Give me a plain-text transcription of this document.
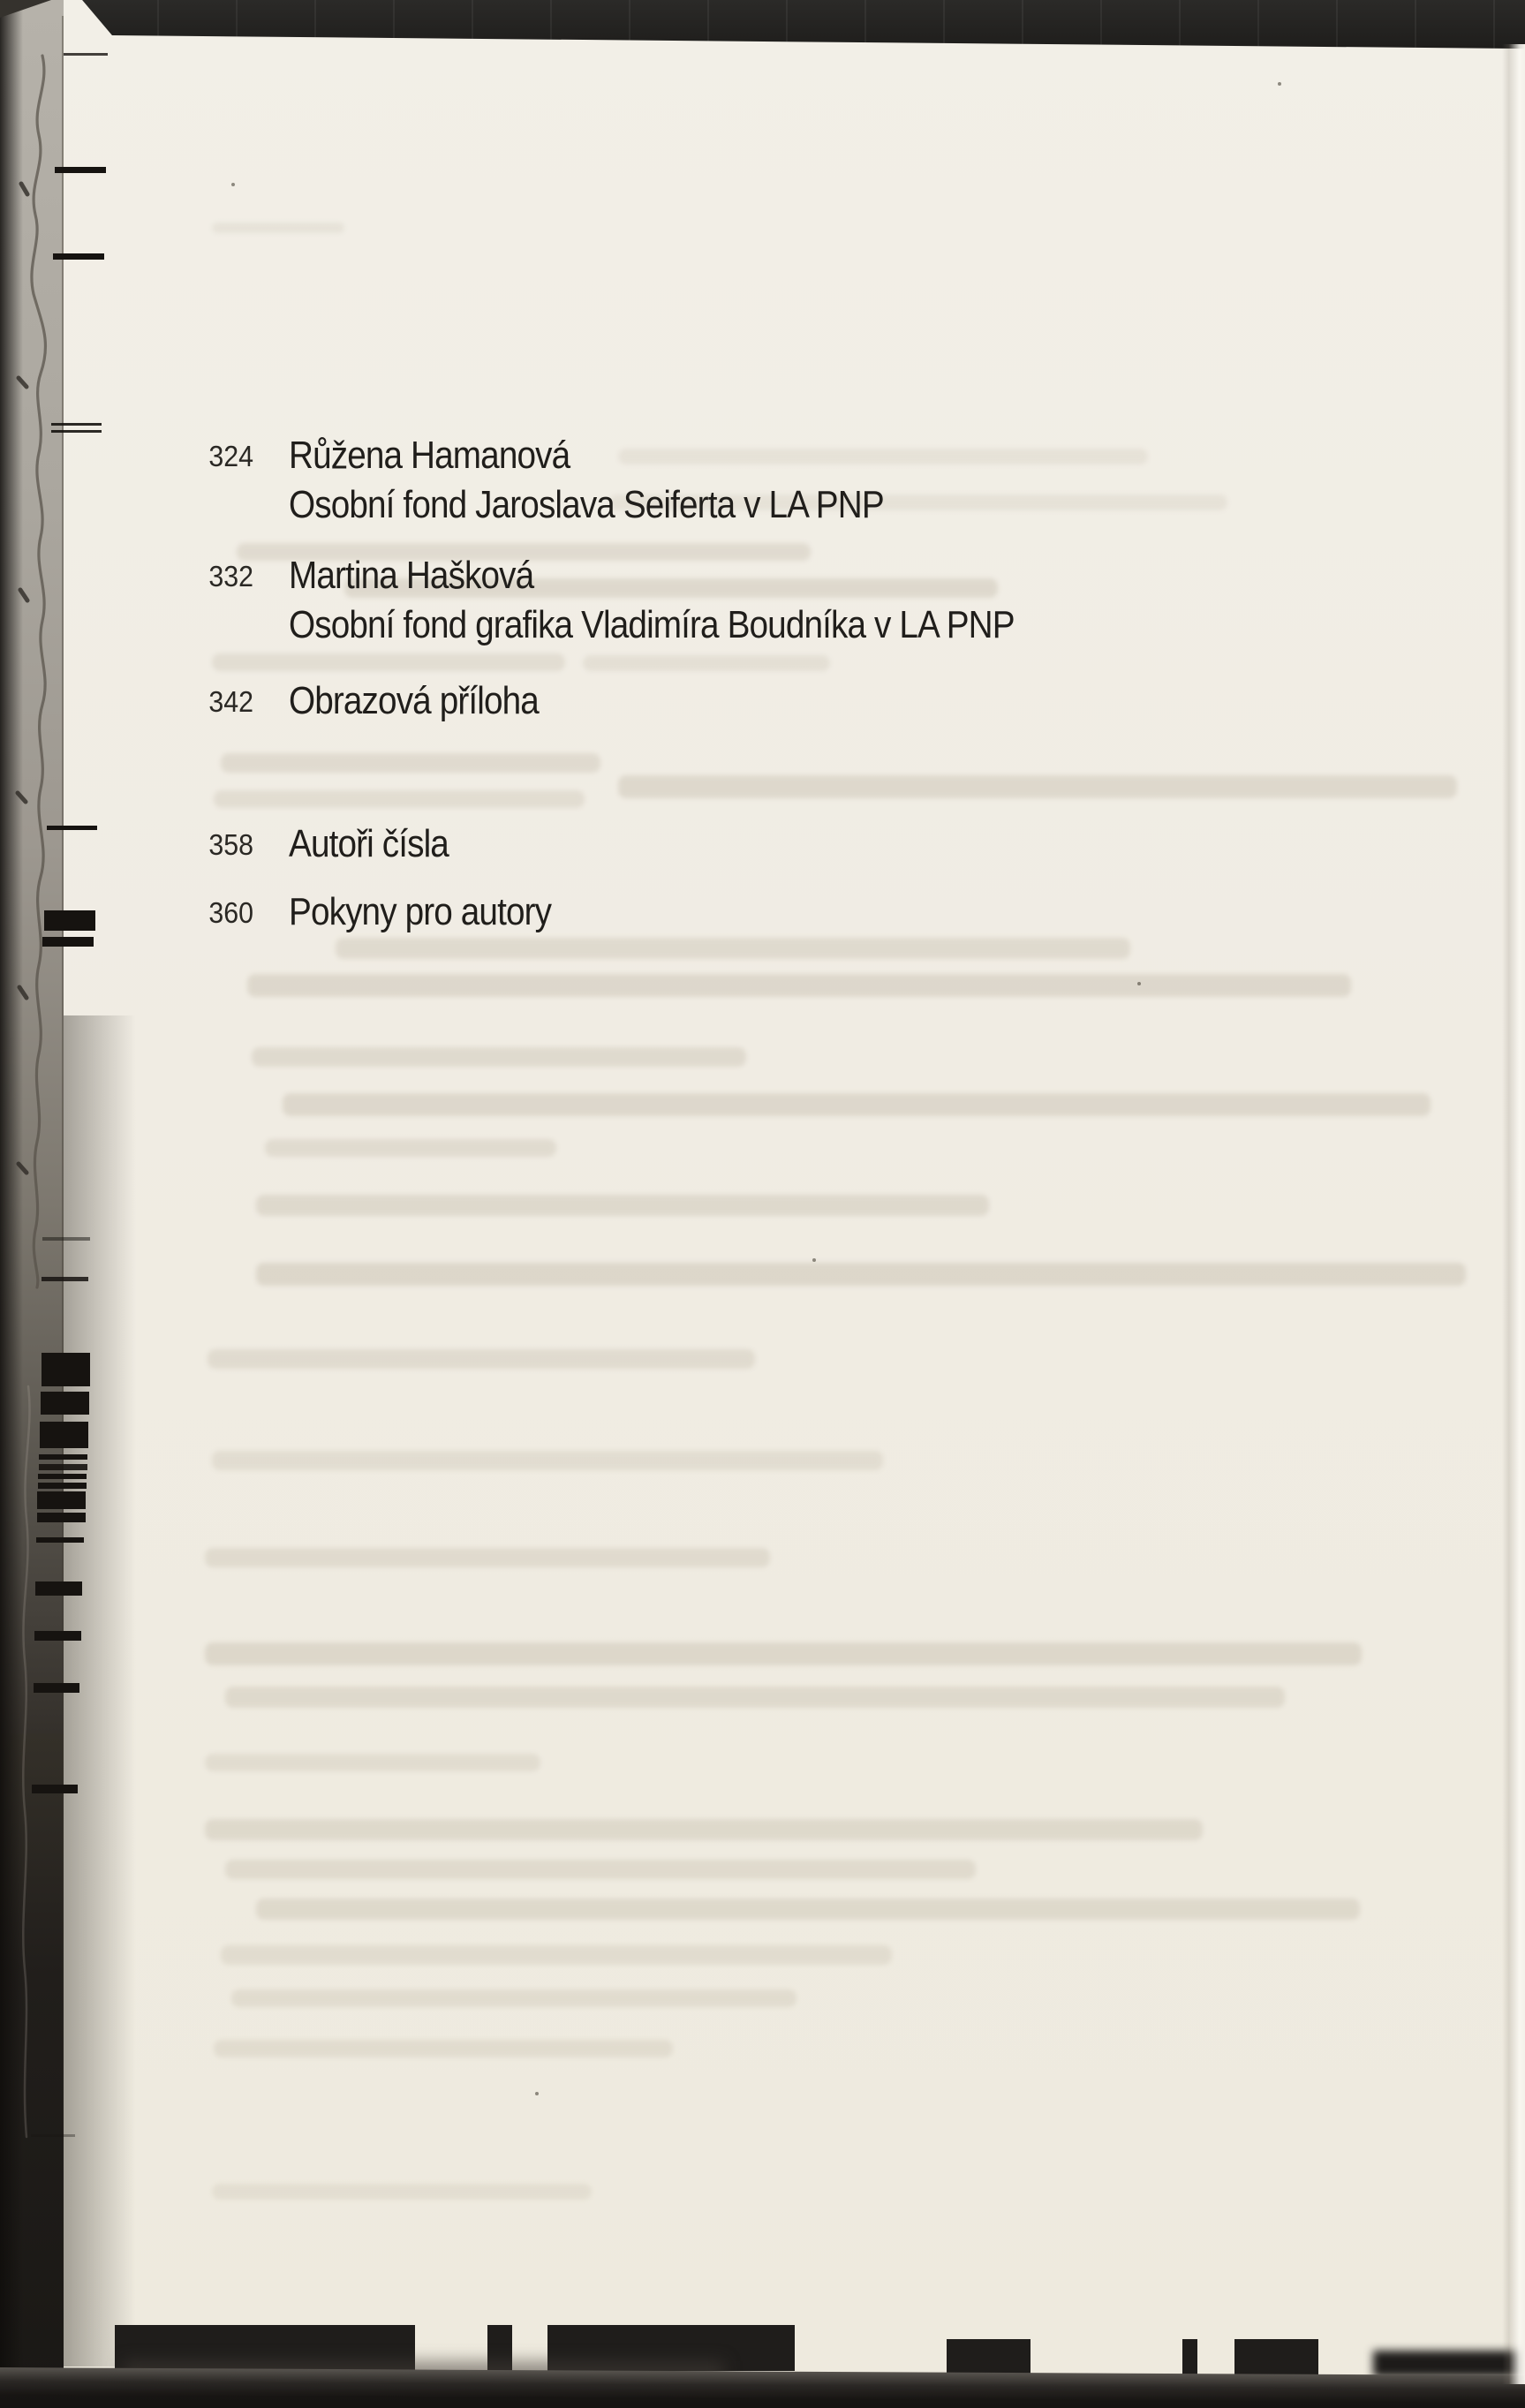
324 Růžena Hamanová
Osobní fond Jaroslava Seiferta v LA PNP
332 Martina Hašková
Osobní fond grafika Vladimíra Boudníka v LA PNP
342 Obrazová příloha
358 Autoři čísla
360 Pokyny pro autory
